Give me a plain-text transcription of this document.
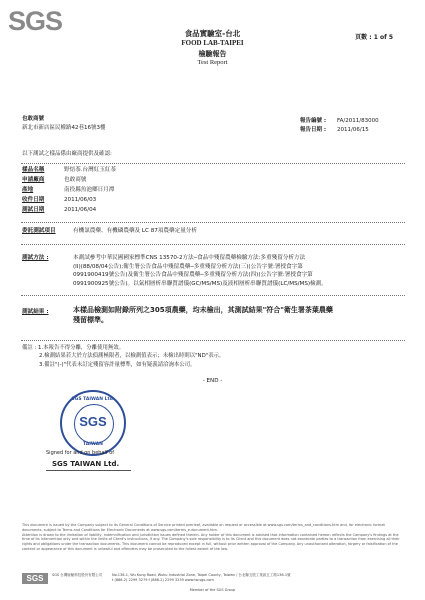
SGS	食品實驗室-台北
FOOD LAB-TAIPEI
檢驗報告
Test Report
頁數 : 1 of 5
也敢商號
新北市新店區民權路42巷16號3樓
報告編號 : FA/2011/83000
報告日期 : 2011/06/15
以下測試之樣品係由廠商提供及確認:
樣品名稱	野焙茶.台灣紅玉紅茶
申請廠商	也敢商號
產地	南投縣魚池鄉日月潭
收件日期	2011/06/03
測試日期	2011/06/04
委託測試項目	有機氯農藥、有機磷農藥及 LC 87項農藥定量分析
測試方法 :	本測試參考中華民國國家標準CNS 13570-2方法─食品中殘留農藥檢驗方法:多重殘留分析方法
(II)(88/08/04公告);衛生署公告食品中殘留農藥─多重殘留分析方法(三)(公告字號:署授食字第
0991900419號公告)及衛生署公告食品中殘留農藥─多重殘留分析方法(四)(公告字號:署授食字第
0991900925號公告)。以氣相層析串聯質譜儀(GC/MS/MS)及液相層析串聯質譜儀(LC/MS/MS)檢測。
測試結果 :	本樣品檢測如附錄所列之305項農藥，均未檢出，其測試結果"符合"衛生署茶葉農藥
殘留標準。
備註 : 1.本報告不得分離，分離使用無效。
2.檢測結果若大於方法偵測極限者，以檢測值表示；未檢出時則以"ND"表示。
3.備註"(-)"代表未訂定殘留容許量標準，如有疑義請洽詢本公司。
- END -
SGS TAIWAN Ltd.
SGS
TAIWAN
Signed for and on behalf of
SGS TAIWAN Ltd.
This document is issued by the Company subject to its General Conditions of Service printed overleaf, available on request or accessible at www.sgs.com/terms_and_conditions.htm and, for electronic format documents, subject to Terms and Conditions for Electronic Documents at www.sgs.com/terms_e-document.htm.
Attention is drawn to the limitation of liability, indemnification and jurisdiction issues defined therein. Any holder of this document is advised that information contained hereon reflects the Company's findings at the time of its intervention only and within the limits of Client's instructions, if any. The Company's sole responsibility is to its Client and this document does not exonerate parties to a transaction from exercising all their rights and obligations under the transaction documents. This document cannot be reproduced except in full, without prior written approval of the Company. Any unauthorized alteration, forgery or falsification of the content or appearance of this document is unlawful and offenders may be prosecuted to the fullest extent of the law.
SGS	SGS 台灣檢驗科技股份有限公司	No.136-1, Wu Kung Road, Wuku Industrial Zone, Taipei County, Taiwan / 台北縣五股工業區五工路136-1號
t (886-2) 2299 3279 f (886-2) 2299 3239 www.tw.sgs.com
Member of the SGS Group
